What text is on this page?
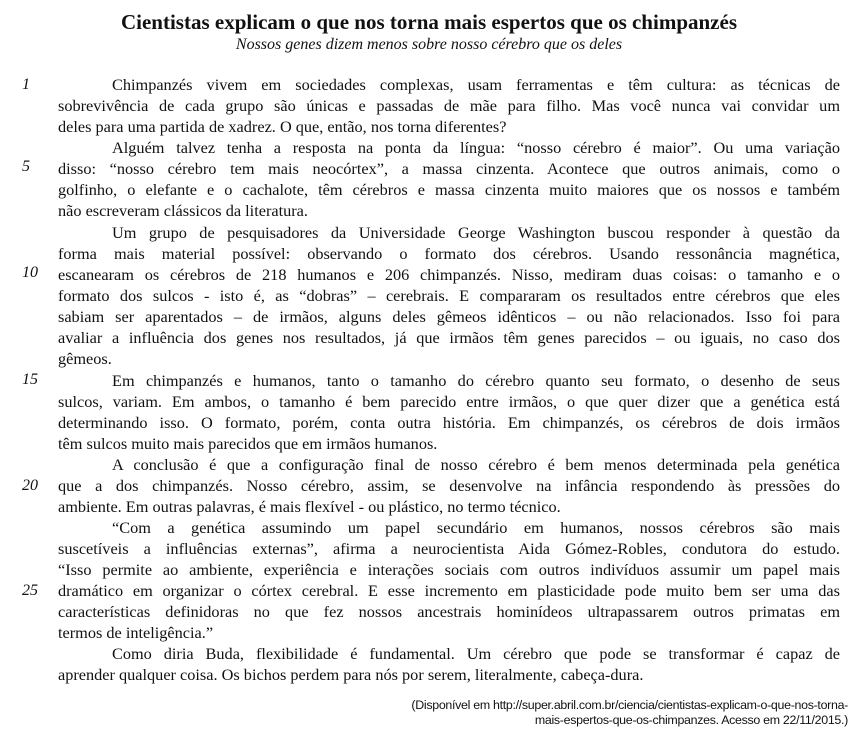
Cientistas explicam o que nos torna mais espertos que os chimpanzés
Nossos genes dizem menos sobre nosso cérebro que os deles
1
5
10
15
20
25
Chimpanzés vivem em sociedades complexas, usam ferramentas e têm cultura: as técnicas de
sobrevivência de cada grupo são únicas e passadas de mãe para filho. Mas você nunca vai convidar um
deles para uma partida de xadrez. O que, então, nos torna diferentes?
Alguém talvez tenha a resposta na ponta da língua: “nosso cérebro é maior”. Ou uma variação
disso: “nosso cérebro tem mais neocórtex”, a massa cinzenta. Acontece que outros animais, como o
golfinho, o elefante e o cachalote, têm cérebros e massa cinzenta muito maiores que os nossos e também
não escreveram clássicos da literatura.
Um grupo de pesquisadores da Universidade George Washington buscou responder à questão da
forma mais material possível: observando o formato dos cérebros. Usando ressonância magnética,
escanearam os cérebros de 218 humanos e 206 chimpanzés. Nisso, mediram duas coisas: o tamanho e o
formato dos sulcos - isto é, as “dobras” – cerebrais. E compararam os resultados entre cérebros que eles
sabiam ser aparentados – de irmãos, alguns deles gêmeos idênticos – ou não relacionados. Isso foi para
avaliar a influência dos genes nos resultados, já que irmãos têm genes parecidos – ou iguais, no caso dos
gêmeos.
Em chimpanzés e humanos, tanto o tamanho do cérebro quanto seu formato, o desenho de seus
sulcos, variam. Em ambos, o tamanho é bem parecido entre irmãos, o que quer dizer que a genética está
determinando isso. O formato, porém, conta outra história. Em chimpanzés, os cérebros de dois irmãos
têm sulcos muito mais parecidos que em irmãos humanos.
A conclusão é que a configuração final de nosso cérebro é bem menos determinada pela genética
que a dos chimpanzés. Nosso cérebro, assim, se desenvolve na infância respondendo às pressões do
ambiente. Em outras palavras, é mais flexível - ou plástico, no termo técnico.
“Com a genética assumindo um papel secundário em humanos, nossos cérebros são mais
suscetíveis a influências externas”, afirma a neurocientista Aida Gómez-Robles, condutora do estudo.
“Isso permite ao ambiente, experiência e interações sociais com outros indivíduos assumir um papel mais
dramático em organizar o córtex cerebral. E esse incremento em plasticidade pode muito bem ser uma das
características definidoras no que fez nossos ancestrais hominídeos ultrapassarem outros primatas em
termos de inteligência.”
Como diria Buda, flexibilidade é fundamental. Um cérebro que pode se transformar é capaz de
aprender qualquer coisa. Os bichos perdem para nós por serem, literalmente, cabeça-dura.
(Disponível em http://super.abril.com.br/ciencia/cientistas-explicam-o-que-nos-torna-
mais-espertos-que-os-chimpanzes. Acesso em 22/11/2015.)
